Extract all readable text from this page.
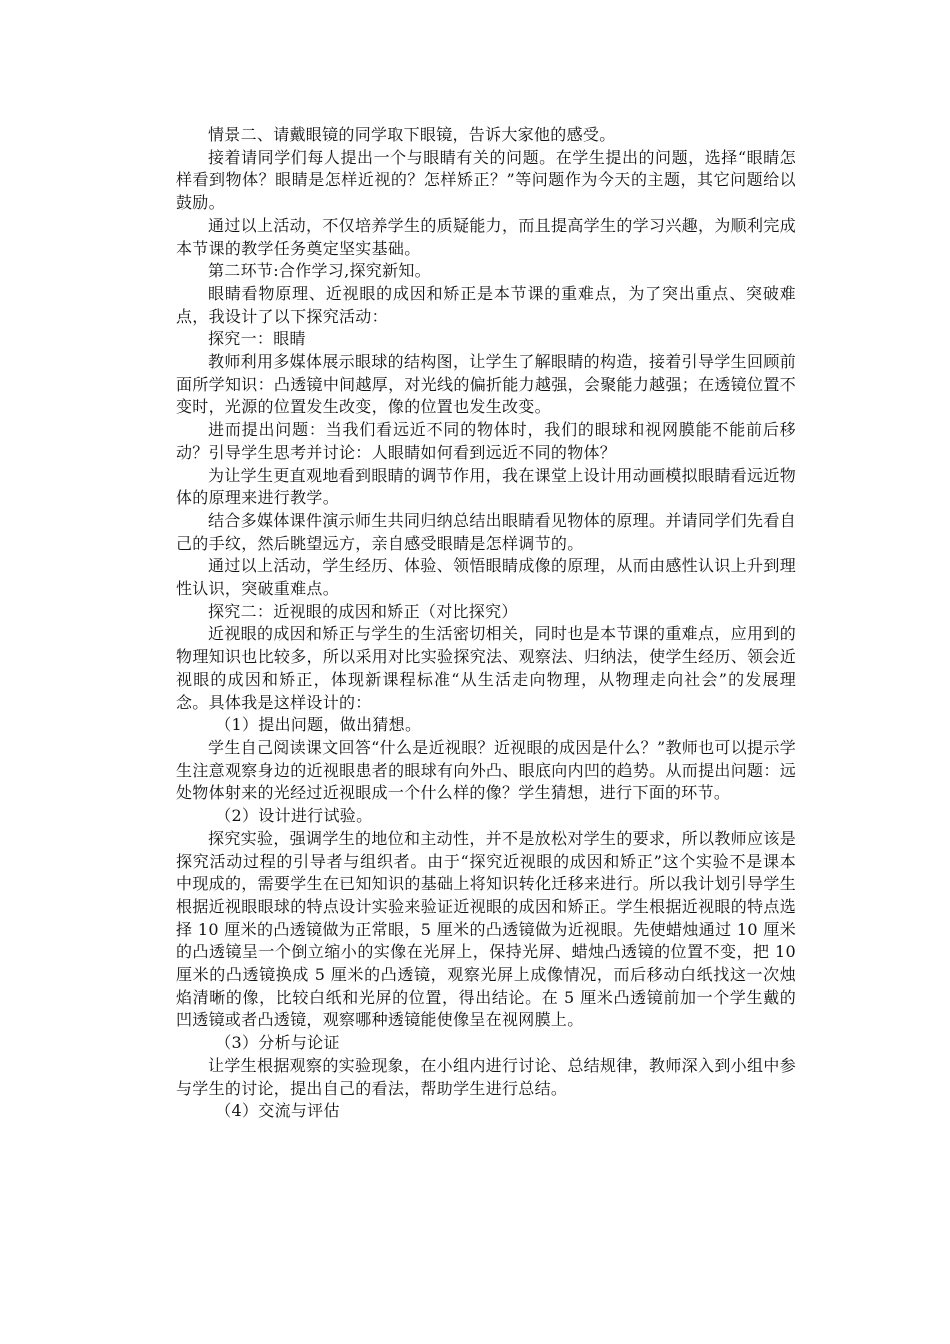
情景二、请戴眼镜的同学取下眼镜，告诉大家他的感受。

接着请同学们每人提出一个与眼睛有关的问题。在学生提出的问题，选择“眼睛怎样看到物体？眼睛是怎样近视的？怎样矫正？”等问题作为今天的主题，其它问题给以鼓励。

通过以上活动，不仅培养学生的质疑能力，而且提高学生的学习兴趣，为顺利完成本节课的教学任务奠定坚实基础。

第二环节:合作学习,探究新知。

眼睛看物原理、近视眼的成因和矫正是本节课的重难点，为了突出重点、突破难点，我设计了以下探究活动：

探究一：眼睛

教师利用多媒体展示眼球的结构图，让学生了解眼睛的构造，接着引导学生回顾前面所学知识：凸透镜中间越厚，对光线的偏折能力越强，会聚能力越强；在透镜位置不变时，光源的位置发生改变，像的位置也发生改变。

进而提出问题：当我们看远近不同的物体时，我们的眼球和视网膜能不能前后移动？引导学生思考并讨论：人眼睛如何看到远近不同的物体？

为让学生更直观地看到眼睛的调节作用，我在课堂上设计用动画模拟眼睛看远近物体的原理来进行教学。

结合多媒体课件演示师生共同归纳总结出眼睛看见物体的原理。并请同学们先看自己的手纹，然后眺望远方，亲自感受眼睛是怎样调节的。

通过以上活动，学生经历、体验、领悟眼睛成像的原理，从而由感性认识上升到理性认识，突破重难点。

探究二：近视眼的成因和矫正（对比探究）

近视眼的成因和矫正与学生的生活密切相关，同时也是本节课的重难点，应用到的物理知识也比较多，所以采用对比实验探究法、观察法、归纳法，使学生经历、领会近视眼的成因和矫正，体现新课程标准“从生活走向物理，从物理走向社会”的发展理念。具体我是这样设计的：

（1）提出问题，做出猜想。

学生自己阅读课文回答“什么是近视眼？近视眼的成因是什么？”教师也可以提示学生注意观察身边的近视眼患者的眼球有向外凸、眼底向内凹的趋势。从而提出问题：远处物体射来的光经过近视眼成一个什么样的像？学生猜想，进行下面的环节。

（2）设计进行试验。

探究实验，强调学生的地位和主动性，并不是放松对学生的要求，所以教师应该是探究活动过程的引导者与组织者。由于“探究近视眼的成因和矫正”这个实验不是课本中现成的，需要学生在已知知识的基础上将知识转化迁移来进行。所以我计划引导学生根据近视眼眼球的特点设计实验来验证近视眼的成因和矫正。学生根据近视眼的特点选择 10 厘米的凸透镜做为正常眼，5 厘米的凸透镜做为近视眼。先使蜡烛通过 10 厘米的凸透镜呈一个倒立缩小的实像在光屏上，保持光屏、蜡烛凸透镜的位置不变，把 10 厘米的凸透镜换成 5 厘米的凸透镜，观察光屏上成像情况，而后移动白纸找这一次烛焰清晰的像，比较白纸和光屏的位置，得出结论。在 5 厘米凸透镜前加一个学生戴的凹透镜或者凸透镜，观察哪种透镜能使像呈在视网膜上。

（3）分析与论证

让学生根据观察的实验现象，在小组内进行讨论、总结规律，教师深入到小组中参与学生的讨论，提出自己的看法，帮助学生进行总结。

（4）交流与评估
